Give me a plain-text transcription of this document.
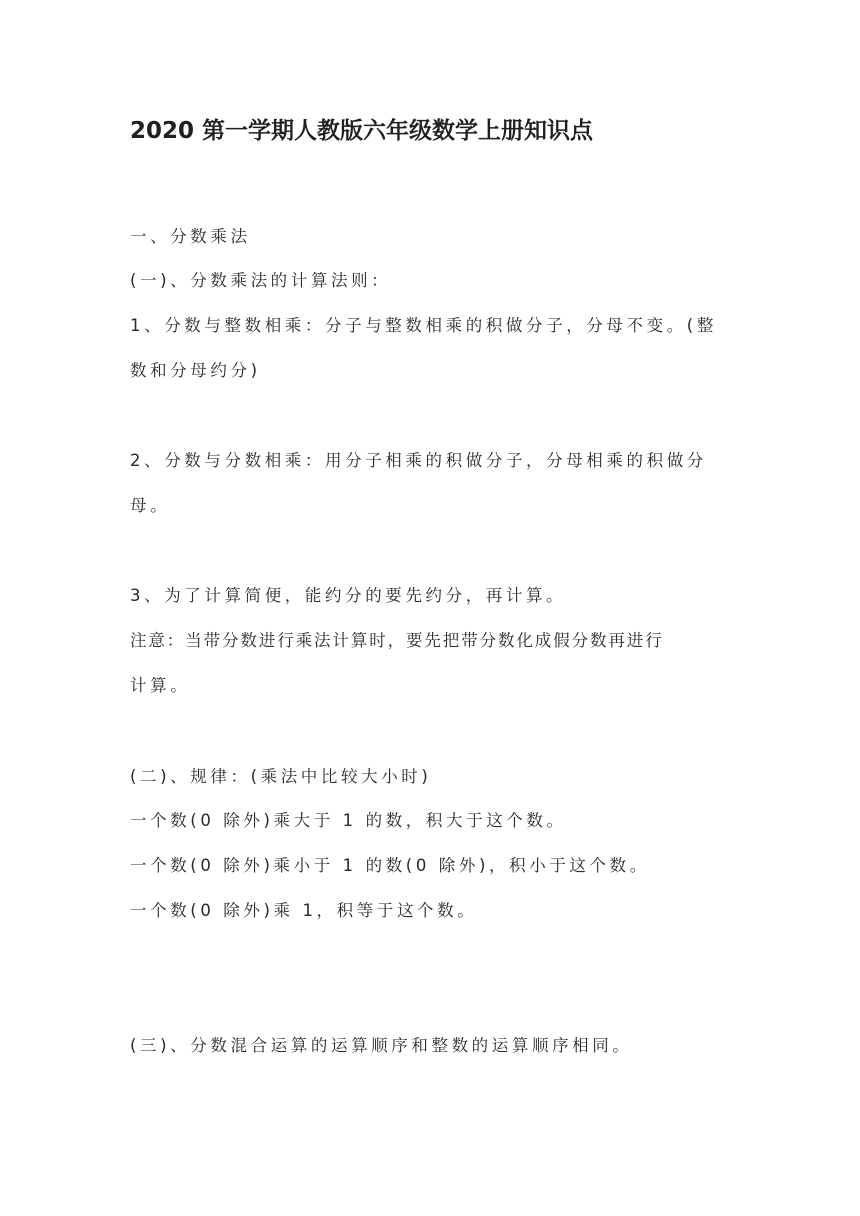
2020 第一学期人教版六年级数学上册知识点
一、分数乘法
(一)、分数乘法的计算法则：
1、分数与整数相乘：分子与整数相乘的积做分子，分母不变。(整
数和分母约分)
2、分数与分数相乘：用分子相乘的积做分子，分母相乘的积做分
母。
3、为了计算简便，能约分的要先约分，再计算。
注意：当带分数进行乘法计算时，要先把带分数化成假分数再进行
计算。
(二)、规律：(乘法中比较大小时)
一个数(0 除外)乘大于 1 的数，积大于这个数。
一个数(0 除外)乘小于 1 的数(0 除外)，积小于这个数。
一个数(0 除外)乘 1，积等于这个数。
(三)、分数混合运算的运算顺序和整数的运算顺序相同。
